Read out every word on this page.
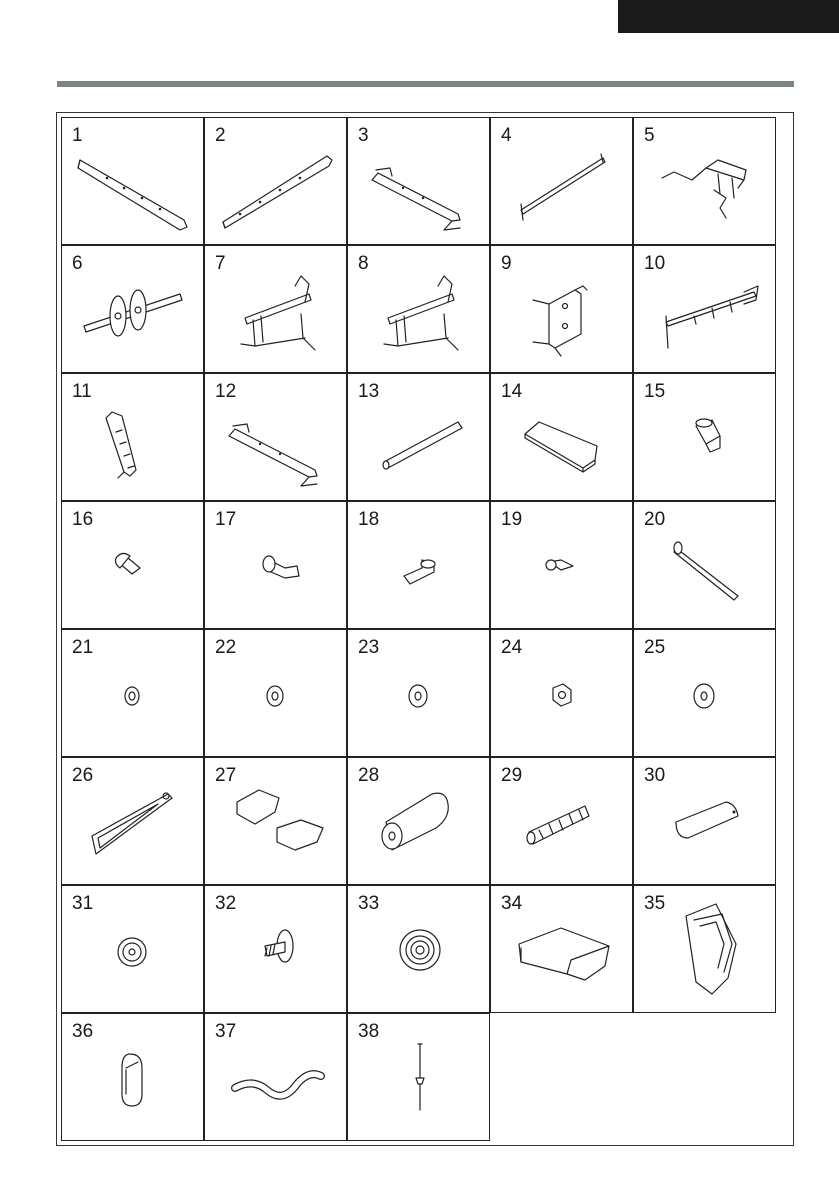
1	2	3	4	5
6	7	8	9	10
11	12	13	14	15
16	17	18	19	20
21	22	23	24	25
26	27	28	29	30
31	32	33	34	35
36	37	38
